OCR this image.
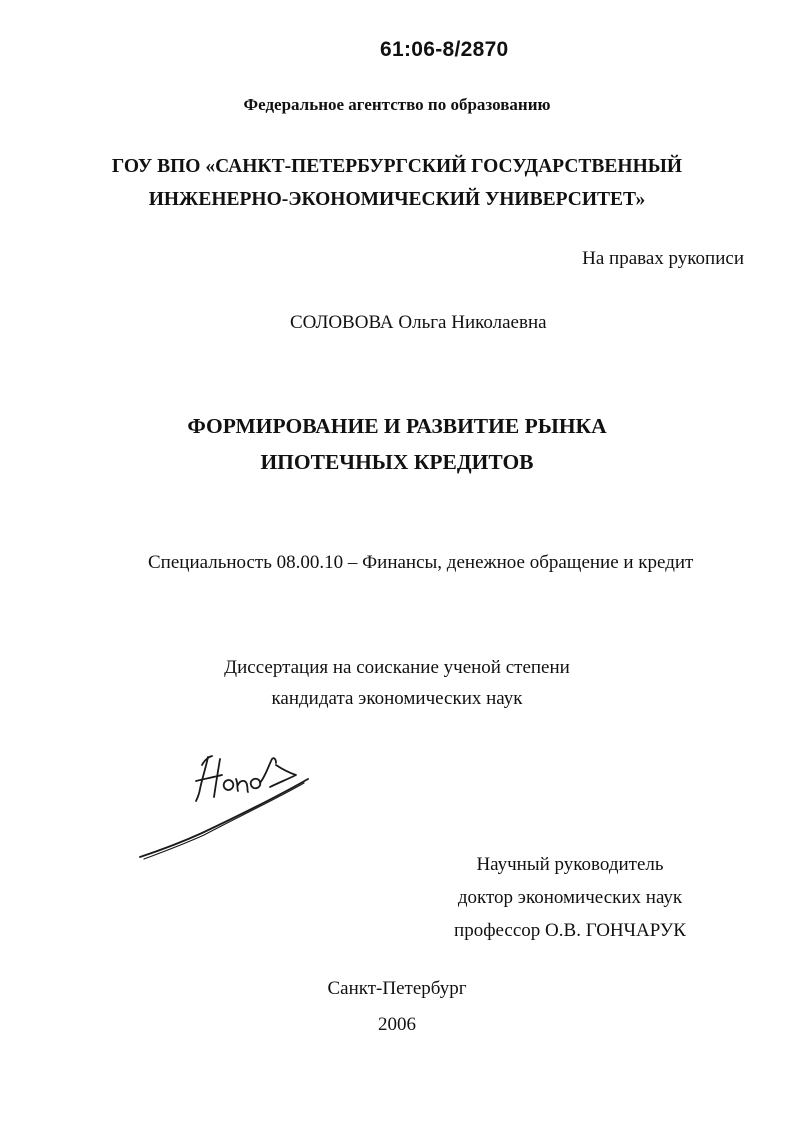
61:06-8/2870
Федеральное агентство по образованию
ГОУ ВПО «САНКТ-ПЕТЕРБУРГСКИЙ ГОСУДАРСТВЕННЫЙ
ИНЖЕНЕРНО-ЭКОНОМИЧЕСКИЙ УНИВЕРСИТЕТ»
На правах рукописи
СОЛОВОВА Ольга Николаевна
ФОРМИРОВАНИЕ И РАЗВИТИЕ РЫНКА
ИПОТЕЧНЫХ КРЕДИТОВ
Специальность 08.00.10 – Финансы, денежное обращение и кредит
Диссертация на соискание ученой степени
кандидата экономических наук
Научный руководитель
доктор экономических наук
профессор О.В. ГОНЧАРУК
Санкт-Петербург
2006
